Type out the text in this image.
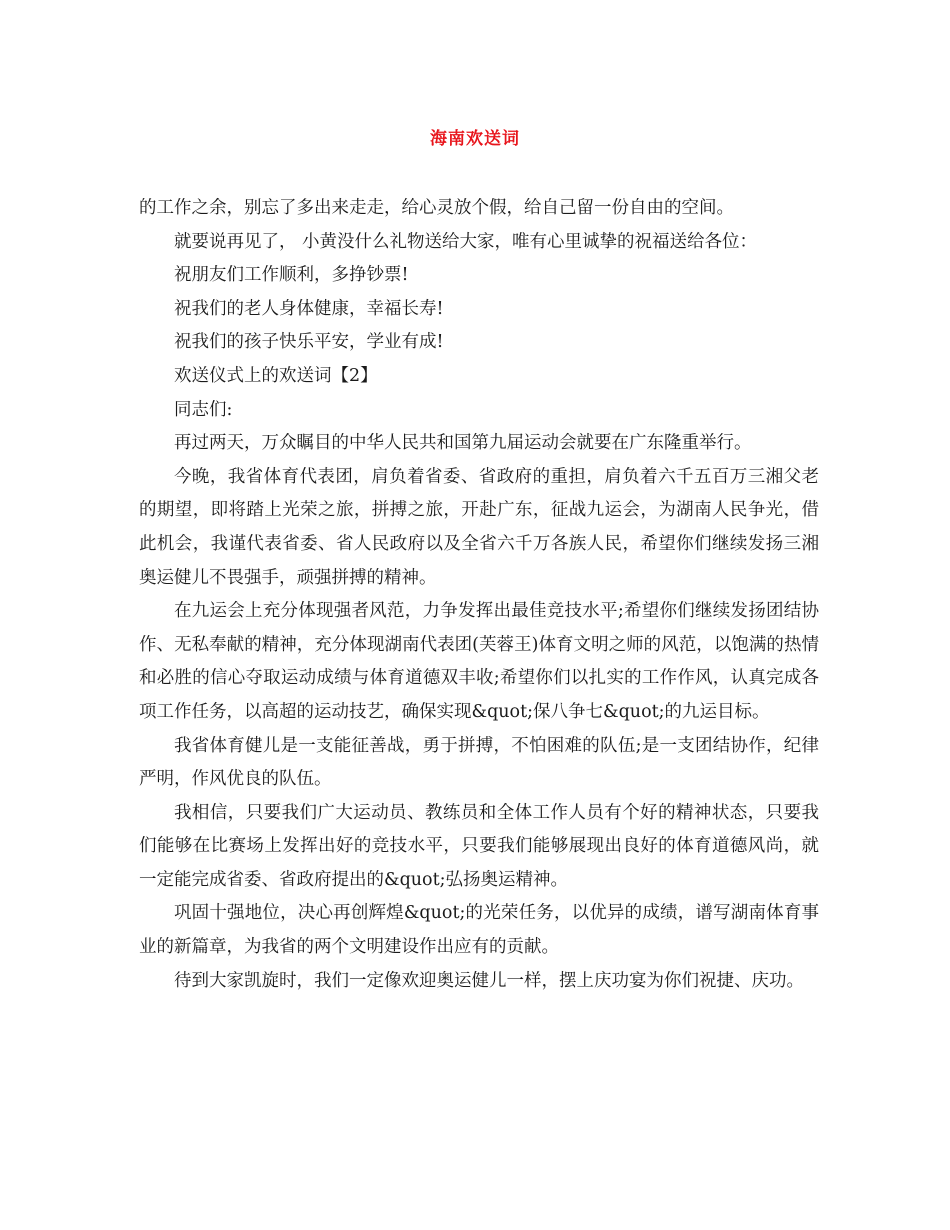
海南欢送词

的工作之余，别忘了多出来走走，给心灵放个假，给自己留一份自由的空间。

就要说再见了， 小黄没什么礼物送给大家，唯有心里诚挚的祝福送给各位：

祝朋友们工作顺利，多挣钞票!

祝我们的老人身体健康，幸福长寿!

祝我们的孩子快乐平安，学业有成!

欢送仪式上的欢送词【2】

同志们:

再过两天，万众瞩目的中华人民共和国第九届运动会就要在广东隆重举行。

今晚，我省体育代表团，肩负着省委、省政府的重担，肩负着六千五百万三湘父老的期望，即将踏上光荣之旅，拼搏之旅，开赴广东，征战九运会，为湖南人民争光，借此机会，我谨代表省委、省人民政府以及全省六千万各族人民，希望你们继续发扬三湘奥运健儿不畏强手，顽强拼搏的精神。

在九运会上充分体现强者风范，力争发挥出最佳竞技水平;希望你们继续发扬团结协作、无私奉献的精神，充分体现湖南代表团(芙蓉王)体育文明之师的风范，以饱满的热情和必胜的信心夺取运动成绩与体育道德双丰收;希望你们以扎实的工作作风，认真完成各项工作任务，以高超的运动技艺，确保实现&quot;保八争七&quot;的九运目标。

我省体育健儿是一支能征善战，勇于拼搏，不怕困难的队伍;是一支团结协作，纪律严明，作风优良的队伍。

我相信，只要我们广大运动员、教练员和全体工作人员有个好的精神状态，只要我们能够在比赛场上发挥出好的竞技水平，只要我们能够展现出良好的体育道德风尚，就一定能完成省委、省政府提出的&quot;弘扬奥运精神。

巩固十强地位，决心再创辉煌&quot;的光荣任务，以优异的成绩，谱写湖南体育事业的新篇章，为我省的两个文明建设作出应有的贡献。

待到大家凯旋时，我们一定像欢迎奥运健儿一样，摆上庆功宴为你们祝捷、庆功。
